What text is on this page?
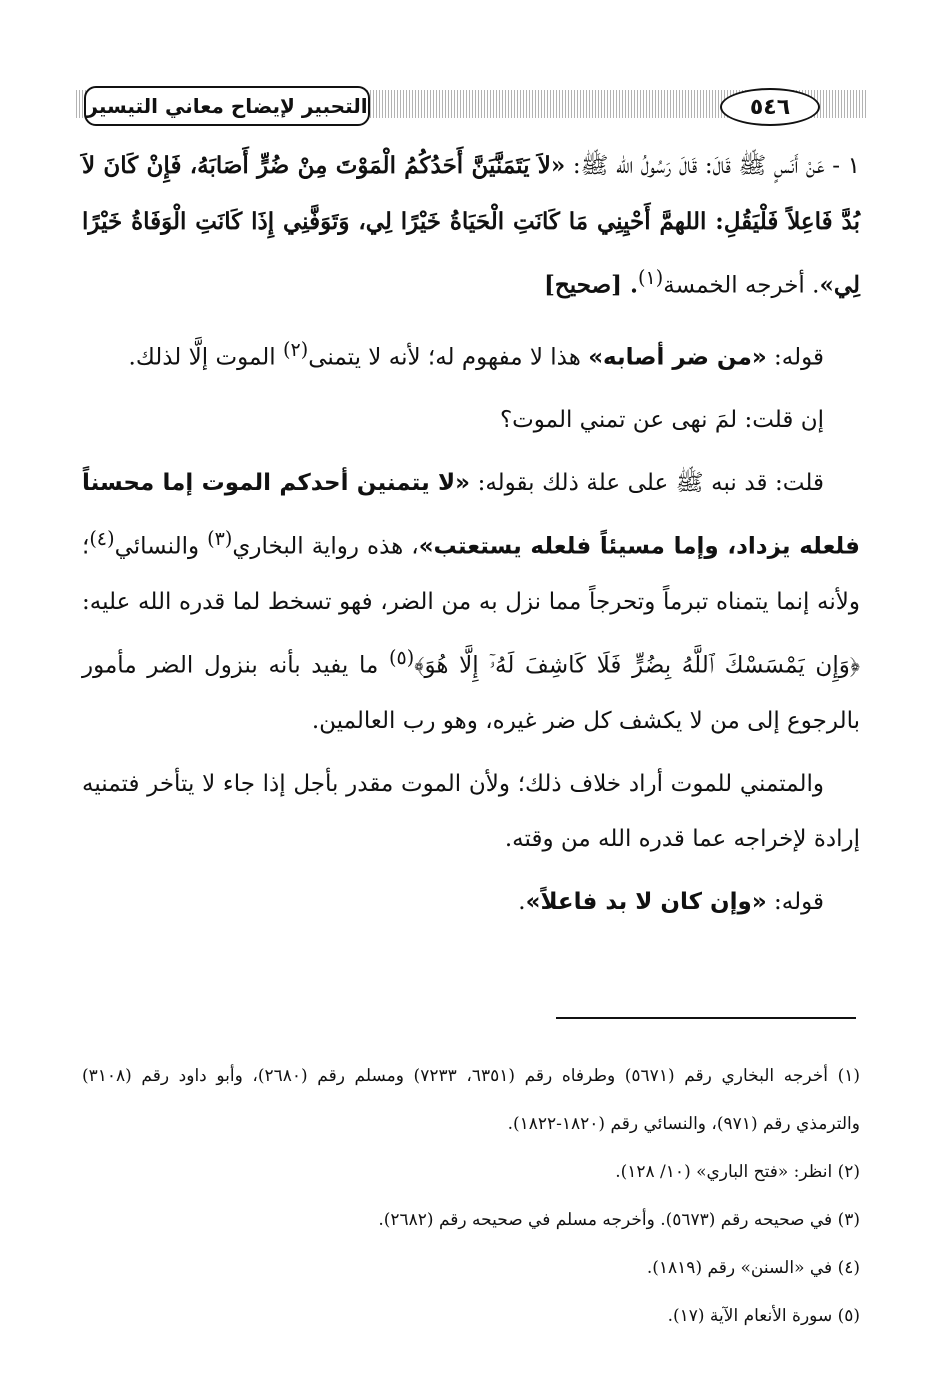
التحبير لإيضاح معاني التيسير	٥٤٦

١ - عَنْ أَنَسٍ ﷺ قَالَ: قَالَ رَسُولُ الله ﷺ: «لاَ يَتَمَنَّيَنَّ أَحَدُكُمُ الْمَوْتَ مِنْ ضُرٍّ أَصَابَهُ، فَإِنْ كَانَ لاَ بُدَّ فَاعِلاً فَلْيَقُلِ: اللهمَّ أَحْيِنِي مَا كَانَتِ الْحَيَاةُ خَيْرًا لِي، وَتَوَفَّنِي إِذَا كَانَتِ الْوَفَاةُ خَيْرًا لِي». أخرجه الخمسة$^{(١)}$. [صحيح]

قوله: «من ضر أصابه» هذا لا مفهوم له؛ لأنه لا يتمنى$^{(٢)}$ الموت إلَّا لذلك.

إن قلت: لمَ نهى عن تمني الموت؟

قلت: قد نبه ﷺ على علة ذلك بقوله: «لا يتمنين أحدكم الموت إما محسناً فلعله يزداد، وإما مسيئاً فلعله يستعتب»، هذه رواية البخاري$^{(٣)}$ والنسائي$^{(٤)}$؛ ولأنه إنما يتمناه تبرماً وتحرجاً مما نزل به من الضر، فهو تسخط لما قدره الله عليه: ﴿وَإِن يَمْسَسْكَ ٱللَّهُ بِضُرٍّ فَلَا كَاشِفَ لَهُۥٓ إِلَّا هُوَ﴾$^{(٥)}$ ما يفيد بأنه بنزول الضر مأمور بالرجوع إلى من لا يكشف كل ضر غيره، وهو رب العالمين.

والمتمني للموت أراد خلاف ذلك؛ ولأن الموت مقدر بأجل إذا جاء لا يتأخر فتمنيه إرادة لإخراجه عما قدره الله من وقته.

قوله: «وإن كان لا بد فاعلاً».

(١) أخرجه البخاري رقم (٥٦٧١) وطرفاه رقم (٦٣٥١، ٧٢٣٣) ومسلم رقم (٢٦٨٠)، وأبو داود رقم (٣١٠٨) والترمذي رقم (٩٧١)، والنسائي رقم (١٨٢٠-١٨٢٢).

(٢) انظر: «فتح الباري» (١٠/ ١٢٨).

(٣) في صحيحه رقم (٥٦٧٣). وأخرجه مسلم في صحيحه رقم (٢٦٨٢).

(٤) في «السنن» رقم (١٨١٩).

(٥) سورة الأنعام الآية (١٧).
